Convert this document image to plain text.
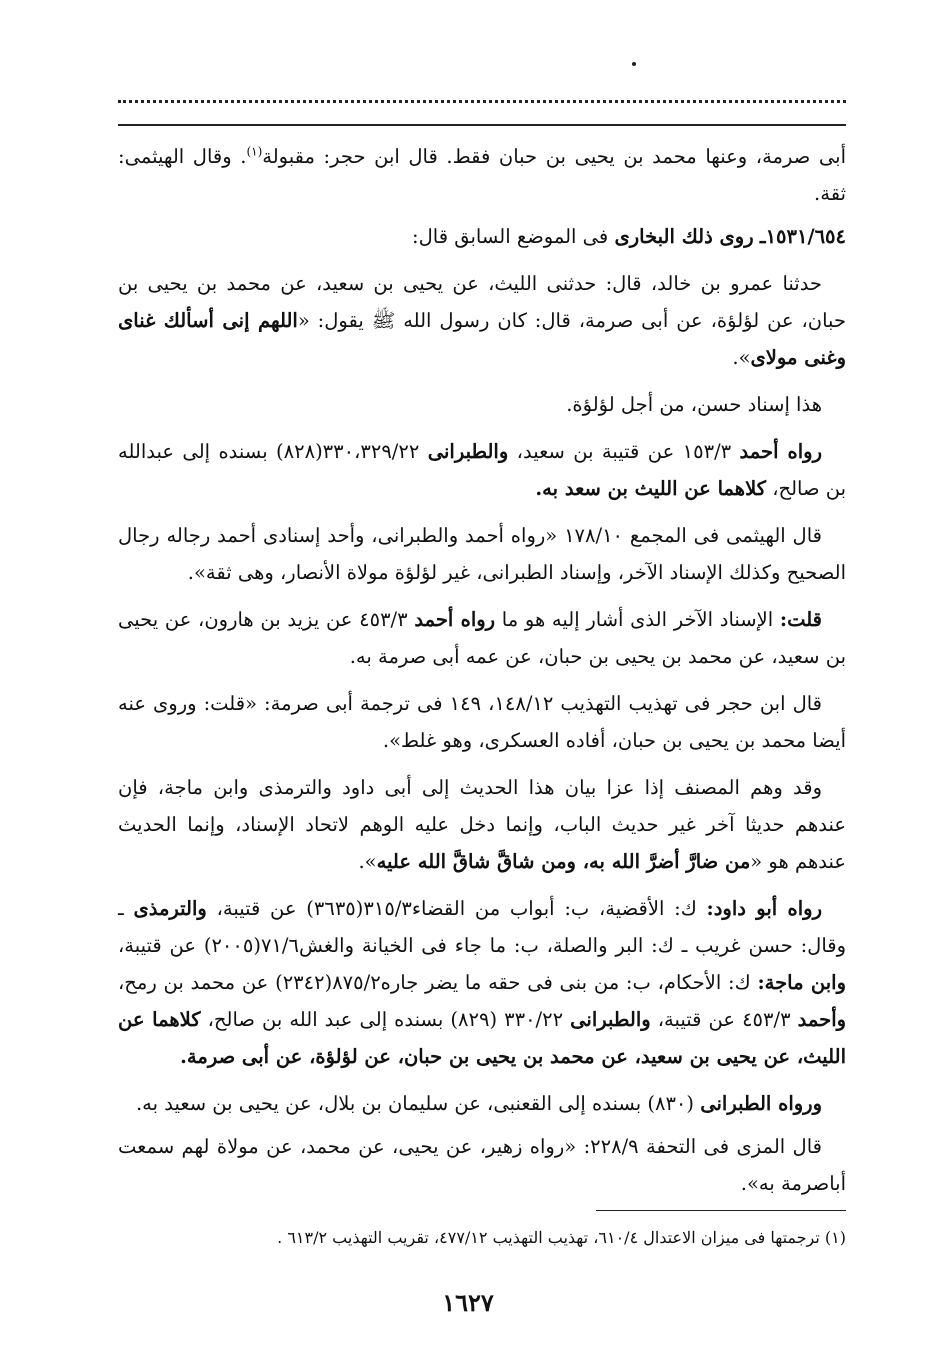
أبى صرمة، وعنها محمد بن يحيى بن حبان فقط. قال ابن حجر: مقبولة$^{(١)}$. وقال الهيثمى: ثقة.

١٥٣١/٦٥٤ـ روى ذلك البخارى فى الموضع السابق قال:

حدثنا عمرو بن خالد، قال: حدثنى الليث، عن يحيى بن سعيد، عن محمد بن يحيى بن حبان، عن لؤلؤة، عن أبى صرمة، قال: كان رسول الله ﷺ يقول: «اللهم إنى أسألك غناى وغنى مولاى».

هذا إسناد حسن، من أجل لؤلؤة.

رواه أحمد ١٥٣/٣ عن قتيبة بن سعيد، والطبرانى ٣٣٠،٣٢٩/٢٢(٨٢٨) بسنده إلى عبدالله بن صالح، كلاهما عن الليث بن سعد به.

قال الهيثمى فى المجمع ١٧٨/١٠ «رواه أحمد والطبرانى، وأحد إسنادى أحمد رجاله رجال الصحيح وكذلك الإسناد الآخر، وإسناد الطبرانى، غير لؤلؤة مولاة الأنصار، وهى ثقة».

قلت: الإسناد الآخر الذى أشار إليه هو ما رواه أحمد ٤٥٣/٣ عن يزيد بن هارون، عن يحيى بن سعيد، عن محمد بن يحيى بن حبان، عن عمه أبى صرمة به.

قال ابن حجر فى تهذيب التهذيب ١٤٨/١٢، ١٤٩ فى ترجمة أبى صرمة: «قلت: وروى عنه أيضا محمد بن يحيى بن حبان، أفاده العسكرى، وهو غلط».

وقد وهم المصنف إذا عزا بيان هذا الحديث إلى أبى داود والترمذى وابن ماجة، فإن عندهم حديثا آخر غير حديث الباب، وإنما دخل عليه الوهم لاتحاد الإسناد، وإنما الحديث عندهم هو «من ضارَّ أضرَّ الله به، ومن شاقَّ شاقَّ الله عليه».

رواه أبو داود: ك: الأقضية، ب: أبواب من القضاء٣١٥/٣(٣٦٣٥) عن قتيبة، والترمذى ـ وقال: حسن غريب ـ ك: البر والصلة، ب: ما جاء فى الخيانة والغش٧١/٦(٢٠٠٥) عن قتيبة، وابن ماجة: ك: الأحكام، ب: من بنى فى حقه ما يضر جاره٨٧٥/٢(٢٣٤٢) عن محمد بن رمح، وأحمد ٤٥٣/٣ عن قتيبة، والطبرانى ٣٣٠/٢٢ (٨٢٩) بسنده إلى عبد الله بن صالح، كلاهما عن الليث، عن يحيى بن سعيد، عن محمد بن يحيى بن حبان، عن لؤلؤة، عن أبى صرمة.

ورواه الطبرانى (٨٣٠) بسنده إلى القعنبى، عن سليمان بن بلال، عن يحيى بن سعيد به.

قال المزى فى التحفة ٢٢٨/٩: «رواه زهير، عن يحيى، عن محمد، عن مولاة لهم سمعت أباصرمة به».

(١) ترجمتها فى ميزان الاعتدال ٦١٠/٤، تهذيب التهذيب ٤٧٧/١٢، تقريب التهذيب ٦١٣/٢ .
١٦٢٧
